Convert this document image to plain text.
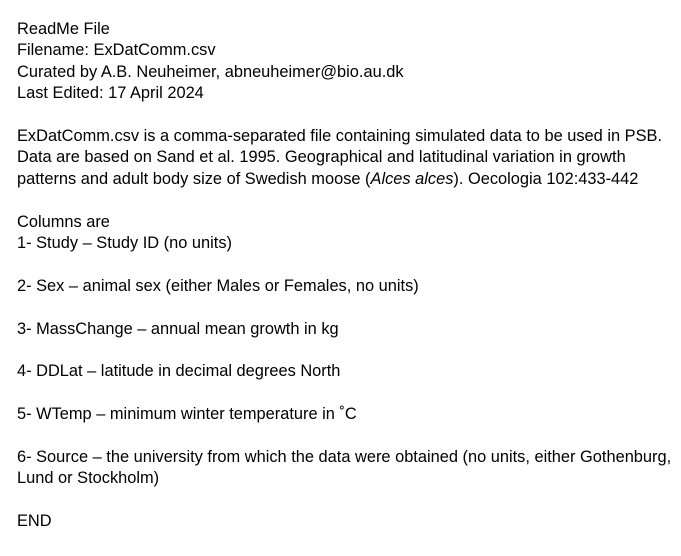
ReadMe File
Filename: ExDatComm.csv
Curated by A.B. Neuheimer, abneuheimer@bio.au.dk
Last Edited: 17 April 2024
ExDatComm.csv is a comma-separated file containing simulated data to be used in PSB. Data are based on Sand et al. 1995. Geographical and latitudinal variation in growth patterns and adult body size of Swedish moose (Alces alces). Oecologia 102:433-442
Columns are
1- Study – Study ID (no units)
2- Sex – animal sex (either Males or Females, no units)
3- MassChange – annual mean growth in kg
4- DDLat – latitude in decimal degrees North
5- WTemp – minimum winter temperature in ˚C
6- Source – the university from which the data were obtained (no units, either Gothenburg, Lund or Stockholm)
END
